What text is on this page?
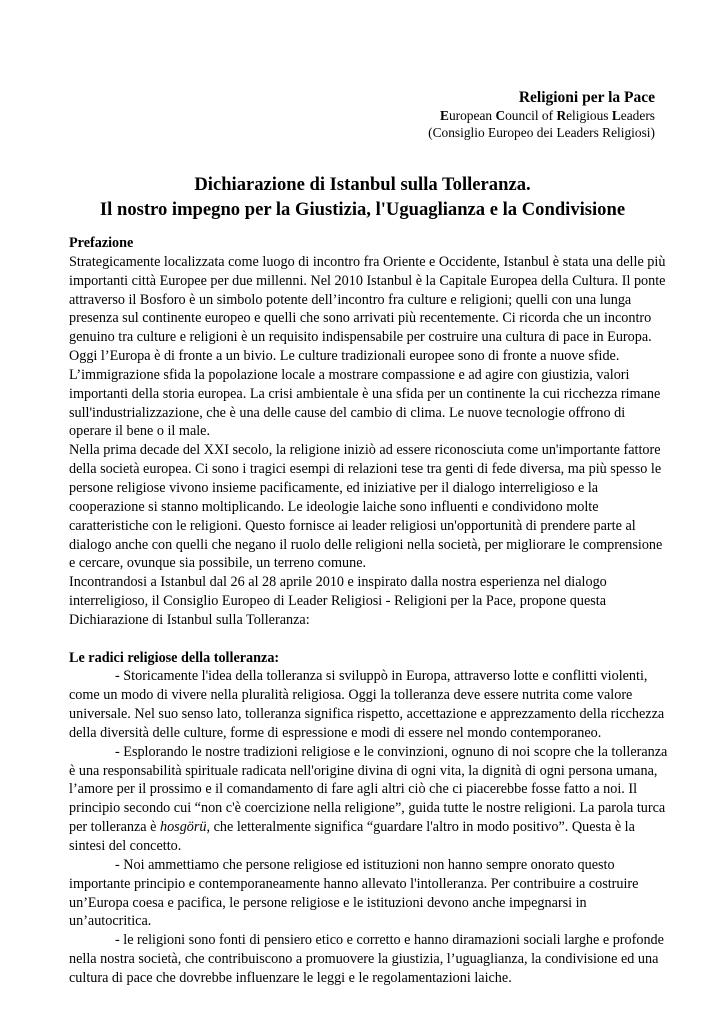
Religioni per la Pace
European Council of Religious Leaders
(Consiglio Europeo dei Leaders Religiosi)
Dichiarazione di Istanbul sulla Tolleranza.
Il nostro impegno per la Giustizia, l'Uguaglianza e la Condivisione

Prefazione

Strategicamente localizzata come luogo di incontro fra Oriente e Occidente, Istanbul è stata una delle più importanti città Europee per due millenni. Nel 2010 Istanbul è la Capitale Europea della Cultura. Il ponte attraverso il Bosforo è un simbolo potente dell’incontro fra culture e religioni; quelli con una lunga presenza sul continente europeo e quelli che sono arrivati più recentemente. Ci ricorda che un incontro genuino tra culture e religioni è un requisito indispensabile per costruire una cultura di pace in Europa.

Oggi l’Europa è di fronte a un bivio. Le culture tradizionali europee sono di fronte a nuove sfide. L’immigrazione sfida la popolazione locale a mostrare compassione e ad agire con giustizia, valori importanti della storia europea. La crisi ambientale è una sfida per un continente la cui ricchezza rimane sull'industrializzazione, che è una delle cause del cambio di clima. Le nuove tecnologie offrono di operare il bene o il male.

Nella prima decade del XXI secolo, la religione iniziò ad essere riconosciuta come un'importante fattore della società europea. Ci sono i tragici esempi di relazioni tese tra genti di fede diversa, ma più spesso le persone religiose vivono insieme pacificamente, ed iniziative per il dialogo interreligioso e la cooperazione si stanno moltiplicando. Le ideologie laiche sono influenti e condividono molte caratteristiche con le religioni. Questo fornisce ai leader religiosi un'opportunità di prendere parte al dialogo anche con quelli che negano il ruolo delle religioni nella società, per migliorare le comprensione e cercare, ovunque sia possibile, un terreno comune.

Incontrandosi a Istanbul dal 26 al 28 aprile 2010 e inspirato dalla nostra esperienza nel dialogo interreligioso, il Consiglio Europeo di Leader Religiosi - Religioni per la Pace, propone questa Dichiarazione di Istanbul sulla Tolleranza:

Le radici religiose della tolleranza:

- Storicamente l'idea della tolleranza si sviluppò in Europa, attraverso lotte e conflitti violenti, come un modo di vivere nella pluralità religiosa. Oggi la tolleranza deve essere nutrita come valore universale. Nel suo senso lato, tolleranza significa rispetto, accettazione e apprezzamento della ricchezza della diversità delle culture, forme di espressione e modi di essere nel mondo contemporaneo.

- Esplorando le nostre tradizioni religiose e le convinzioni, ognuno di noi scopre che la tolleranza è una responsabilità spirituale radicata nell'origine divina di ogni vita, la dignità di ogni persona umana, l’amore per il prossimo e il comandamento di fare agli altri ciò che ci piacerebbe fosse fatto a noi. Il principio secondo cui “non c'è coercizione nella religione”, guida tutte le nostre religioni. La parola turca per tolleranza è hosgörü, che letteralmente significa “guardare l'altro in modo positivo”. Questa è la sintesi del concetto.

- Noi ammettiamo che persone religiose ed istituzioni non hanno sempre onorato questo importante principio e contemporaneamente hanno allevato l'intolleranza. Per contribuire a costruire un’Europa coesa e pacifica, le persone religiose e le istituzioni devono anche impegnarsi in un’autocritica.

- le religioni sono fonti di pensiero etico e corretto e hanno diramazioni sociali larghe e profonde nella nostra società, che contribuiscono a promuovere la giustizia, l’uguaglianza, la condivisione ed una cultura di pace che dovrebbe influenzare le leggi e le regolamentazioni laiche.
